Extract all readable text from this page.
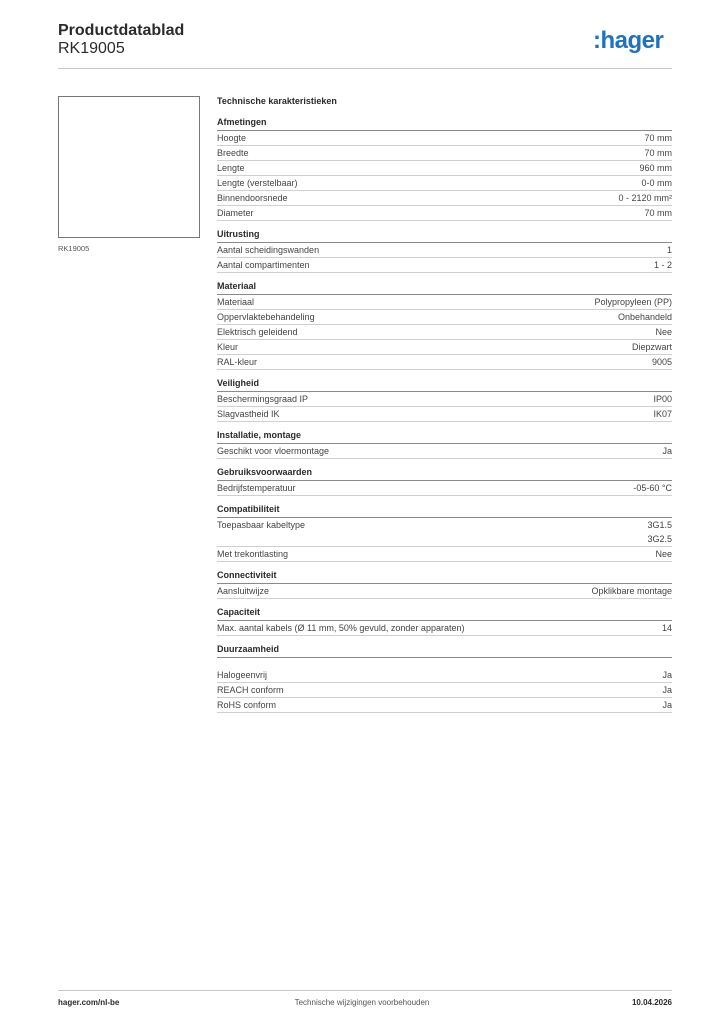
Productdatablad
RK19005	:hager
RK19005
Technische karakteristieken
Afmetingen
Hoogte	70 mm
Breedte	70 mm
Lengte	960 mm
Lengte (verstelbaar)	0-0 mm
Binnendoorsnede	0 - 2120 mm²
Diameter	70 mm
Uitrusting
Aantal scheidingswanden	1
Aantal compartimenten	1 - 2
Materiaal
Materiaal	Polypropyleen (PP)
Oppervlaktebehandeling	Onbehandeld
Elektrisch geleidend	Nee
Kleur	Diepzwart
RAL-kleur	9005
Veiligheid
Beschermingsgraad IP	IP00
Slagvastheid IK	IK07
Installatie, montage
Geschikt voor vloermontage	Ja
Gebruiksvoorwaarden
Bedrijfstemperatuur	-05-60 °C
Compatibiliteit
Toepasbaar kabeltype	3G1.5
3G2.5
Met trekontlasting	Nee
Connectiviteit
Aansluitwijze	Opklikbare montage
Capaciteit
Max. aantal kabels (Ø 11 mm, 50% gevuld, zonder apparaten)	14
Duurzaamheid
Halogeenvrij	Ja
REACH conform	Ja
RoHS conform	Ja
hager.com/nl-be	Technische wijzigingen voorbehouden	10.04.2026
